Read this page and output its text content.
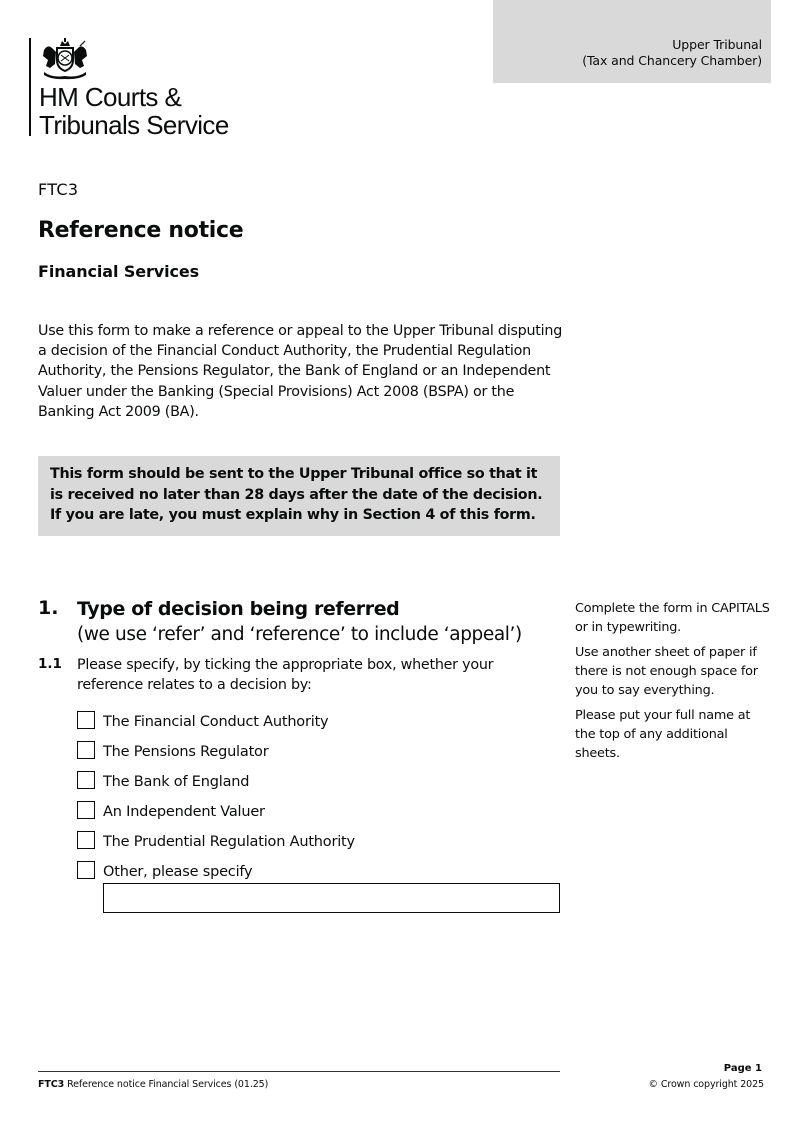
Upper Tribunal
(Tax and Chancery Chamber)
HM Courts &
Tribunals Service
FTC3
Reference notice
Financial Services

Use this form to make a reference or appeal to the Upper Tribunal disputing a decision of the Financial Conduct Authority, the Prudential Regulation Authority, the Pensions Regulator, the Bank of England or an Independent Valuer under the Banking (Special Provisions) Act 2008 (BSPA) or the Banking Act 2009 (BA).

This form should be sent to the Upper Tribunal office so that it is received no later than 28 days after the date of the decision. If you are late, you must explain why in Section 4 of this form.
1. Type of decision being referred
(we use ‘refer’ and ‘reference’ to include ‘appeal’)
1.1 Please specify, by ticking the appropriate box, whether your reference relates to a decision by:

The Financial Conduct Authority
The Pensions Regulator
The Bank of England
An Independent Valuer
The Prudential Regulation Authority
Other, please specify

Complete the form in CAPITALS or in typewriting.

Use another sheet of paper if there is not enough space for you to say everything.

Please put your full name at the top of any additional sheets.

FTC3 Reference notice Financial Services (01.25)
Page 1
© Crown copyright 2025
